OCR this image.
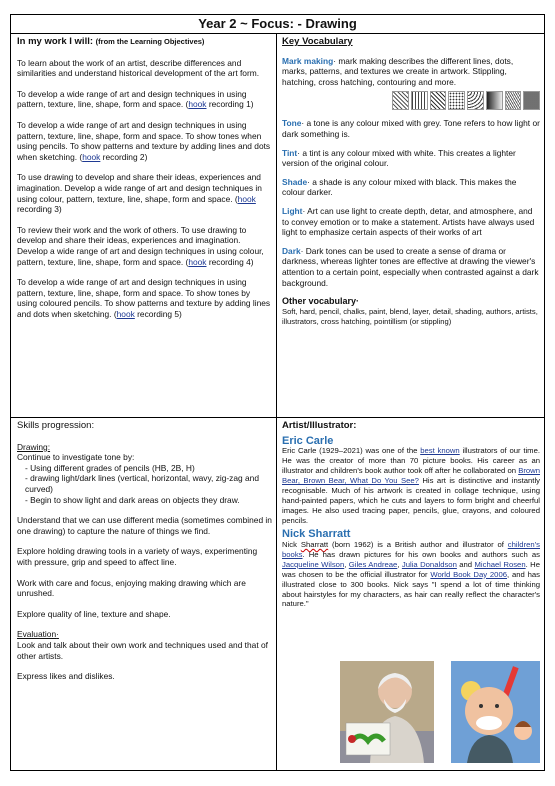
Year 2 ~ Focus: - Drawing
In my work I will: (from the Learning Objectives)

To learn about the work of an artist, describe differences and similarities and understand historical development of the art form.

To develop a wide range of art and design techniques in using pattern, texture, line, shape, form and space. (hook recording 1)

To develop a wide range of art and design techniques in using pattern, texture, line, shape, form and space. To show tones when using pencils. To show patterns and texture by adding lines and dots when sketching. (hook recording 2)

To use drawing to develop and share their ideas, experiences and imagination. Develop a wide range of art and design techniques in using colour, pattern, texture, line, shape, form and space. (hook recording 3)

To review their work and the work of others. To use drawing to develop and share their ideas, experiences and imagination. Develop a wide range of art and design techniques in using colour, pattern, texture, line, shape, form and space. (hook recording 4)

To develop a wide range of art and design techniques in using pattern, texture, line, shape, form and space. To show tones by using coloured pencils. To show patterns and texture by adding lines and dots when sketching. (hook recording 5)

Key Vocabulary
Mark making· mark making describes the different lines, dots, marks, patterns, and textures we create in artwork. Stippling, hatching, cross hatching, contouring and more.
Tone· a tone is any colour mixed with grey. Tone refers to how light or dark something is.
Tint· a tint is any colour mixed with white. This creates a lighter version of the original colour.
Shade· a shade is any colour mixed with black. This makes the colour darker.
Light· Art can use light to create depth, detar, and atmosphere, and to convey emotion or to make a statement. Artists have always used light to emphasize certain aspects of their works of art
Dark· Dark tones can be used to create a sense of drama or darkness, whereas lighter tones are effective at drawing the viewer's attention to a certain point, especially when contrasted against a dark background.
Other vocabulary·

Soft, hard, pencil, chalks, paint, blend, layer, detail, shading, authors, artists, illustrators, cross hatching, pointillism (or stippling)

Skills progression:
Drawing:

Continue to investigate tone by:

- Using different grades of pencils (HB, 2B, H)
- drawing light/dark lines (vertical, horizontal, wavy, zig-zag and curved)
- Begin to show light and dark areas on objects they draw.

Understand that we can use different media (sometimes combined in one drawing) to capture the nature of things we find.

Explore holding drawing tools in a variety of ways, experimenting with pressure, grip and speed to affect line.

Work with care and focus, enjoying making drawing which are unrushed.

Explore quality of line, texture and shape.

Evaluation·

Look and talk about their own work and techniques used and that of other artists.

Express likes and dislikes.

Artist/Illustrator:
Eric Carle

Eric Carle (1929–2021) was one of the best known illustrators of our time. He was the creator of more than 70 picture books. His career as an illustrator and children's book author took off after he collaborated on Brown Bear, Brown Bear, What Do You See? His art is distinctive and instantly recognisable. Much of his artwork is created in collage technique, using hand-painted papers, which he cuts and layers to form bright and cheerful images. He also used tracing paper, pencils, glue, crayons, and coloured pencils.

Nick Sharratt

Nick Sharratt (born 1962) is a British author and illustrator of children's books. He has drawn pictures for his own books and authors such as Jacqueline Wilson, Giles Andreae, Julia Donaldson and Michael Rosen. He was chosen to be the official illustrator for World Book Day 2006, and has illustrated close to 300 books. Nick says "I spend a lot of time thinking about hairstyles for my characters, as hair can really reflect the character's nature."
